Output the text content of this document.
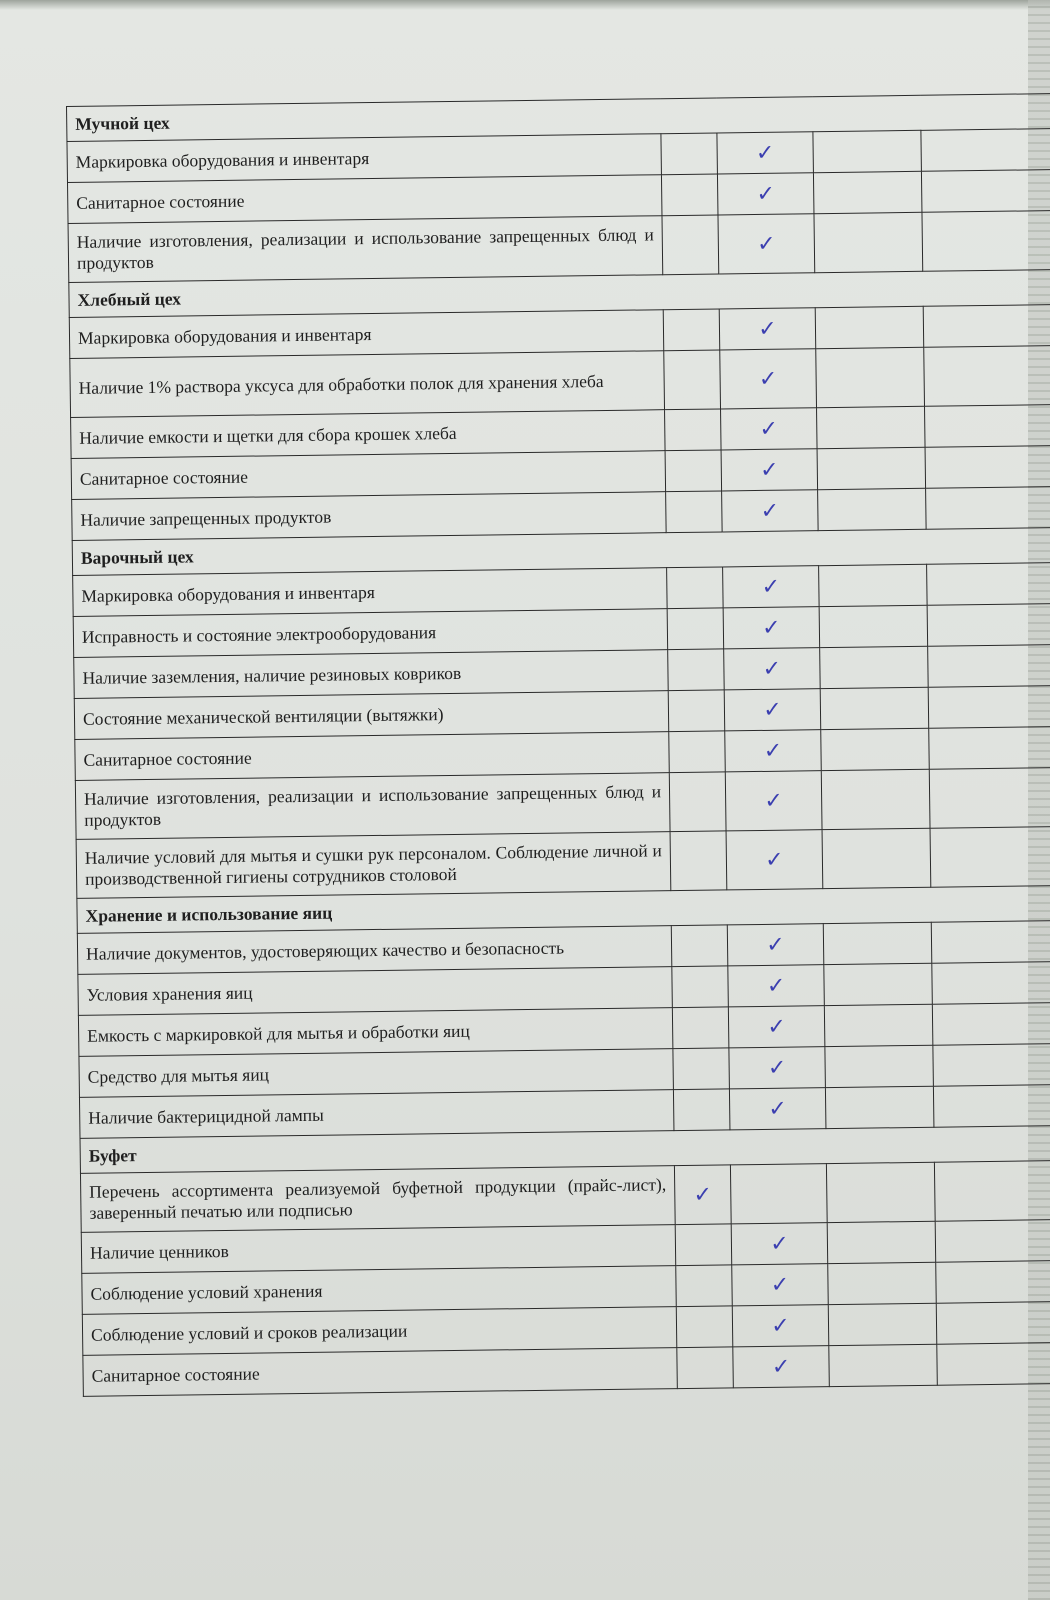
Мучной цех				
Маркировка оборудования и инвентаря		✓		
Санитарное состояние		✓		
Наличие изготовления, реализации и использование запрещенных блюд и продуктов		✓		
Хлебный цех				
Маркировка оборудования и инвентаря		✓		
Наличие 1% раствора уксуса для обработки полок для хранения хлеба		✓		
Наличие емкости и щетки для сбора крошек хлеба		✓		
Санитарное состояние		✓		
Наличие запрещенных продуктов		✓		
Варочный цех				
Маркировка оборудования и инвентаря		✓		
Исправность и состояние электрооборудования		✓		
Наличие заземления, наличие резиновых ковриков		✓		
Состояние механической вентиляции (вытяжки)		✓		
Санитарное состояние		✓		
Наличие изготовления, реализации и использование запрещенных блюд и продуктов		✓		
Наличие условий для мытья и сушки рук персоналом. Соблюдение личной и производственной гигиены сотрудников столовой		✓		
Хранение и использование яиц				
Наличие документов, удостоверяющих качество и безопасность		✓		
Условия хранения яиц		✓		
Емкость с маркировкой для мытья и обработки яиц		✓		
Средство для мытья яиц		✓		
Наличие бактерицидной лампы		✓		
Буфет				
Перечень ассортимента реализуемой буфетной продукции (прайс-лист), заверенный печатью или подписью	✓			
Наличие ценников		✓		
Соблюдение условий хранения		✓		
Соблюдение условий и сроков реализации		✓		
Санитарное состояние		✓		
